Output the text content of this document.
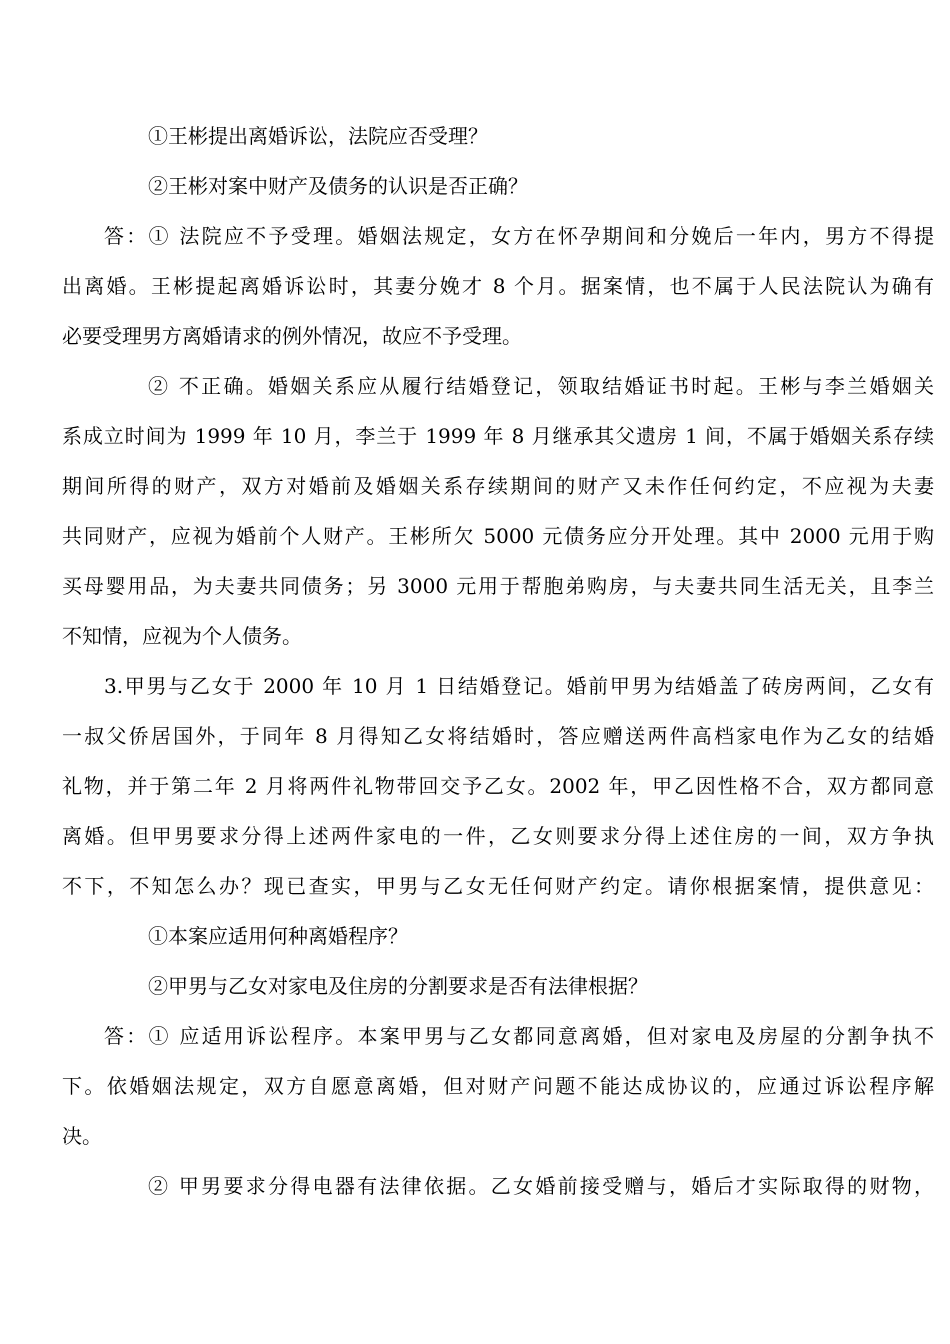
①王彬提出离婚诉讼，法院应否受理？
②王彬对案中财产及债务的认识是否正确？
答：① 法院应不予受理。婚姻法规定，女方在怀孕期间和分娩后一年内，男方不得提
出离婚。王彬提起离婚诉讼时，其妻分娩才 8 个月。据案情，也不属于人民法院认为确有
必要受理男方离婚请求的例外情况，故应不予受理。
② 不正确。婚姻关系应从履行结婚登记，领取结婚证书时起。王彬与李兰婚姻关
系成立时间为 1999 年 10 月，李兰于 1999 年 8 月继承其父遗房 1 间，不属于婚姻关系存续
期间所得的财产，双方对婚前及婚姻关系存续期间的财产又未作任何约定，不应视为夫妻
共同财产，应视为婚前个人财产。王彬所欠 5000 元债务应分开处理。其中 2000 元用于购
买母婴用品，为夫妻共同债务；另 3000 元用于帮胞弟购房，与夫妻共同生活无关，且李兰
不知情，应视为个人债务。
3.甲男与乙女于 2000 年 10 月 1 日结婚登记。婚前甲男为结婚盖了砖房两间，乙女有
一叔父侨居国外，于同年 8 月得知乙女将结婚时，答应赠送两件高档家电作为乙女的结婚
礼物，并于第二年 2 月将两件礼物带回交予乙女。2002 年，甲乙因性格不合，双方都同意
离婚。但甲男要求分得上述两件家电的一件，乙女则要求分得上述住房的一间，双方争执
不下，不知怎么办？现已查实，甲男与乙女无任何财产约定。请你根据案情，提供意见：
①本案应适用何种离婚程序？
②甲男与乙女对家电及住房的分割要求是否有法律根据？
答：① 应适用诉讼程序。本案甲男与乙女都同意离婚，但对家电及房屋的分割争执不
下。依婚姻法规定，双方自愿意离婚，但对财产问题不能达成协议的，应通过诉讼程序解
决。
② 甲男要求分得电器有法律依据。乙女婚前接受赠与，婚后才实际取得的财物，
